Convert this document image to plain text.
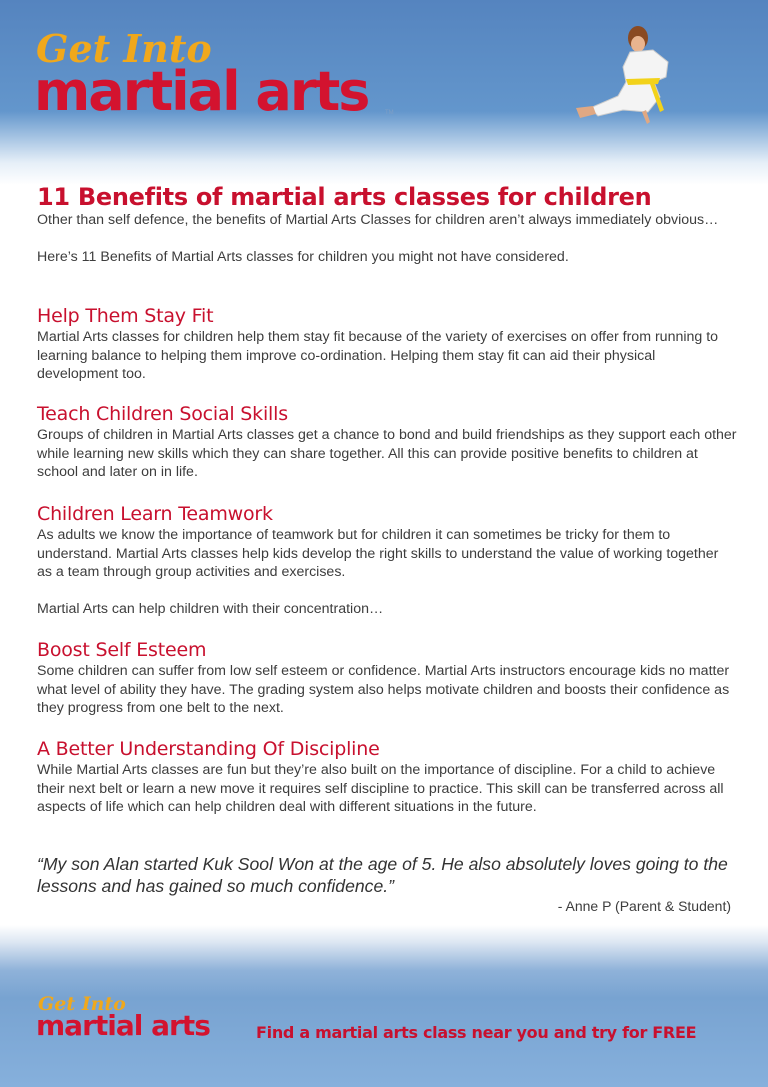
Get Into
martial arts	TM
11 Benefits of martial arts classes for children

Other than self defence, the benefits of Martial Arts Classes for children aren’t always immediately obvious…

Here’s 11 Benefits of Martial Arts classes for children you might not have considered.

Help Them Stay Fit

Martial Arts classes for children help them stay fit because of the variety of exercises on offer from running to learning balance to helping them improve co-ordination. Helping them stay fit can aid their physical development too.

Teach Children Social Skills

Groups of children in Martial Arts classes get a chance to bond and build friendships as they support each other while learning new skills which they can share together. All this can provide positive benefits to children at school and later on in life.

Children Learn Teamwork

As adults we know the importance of teamwork but for children it can sometimes be tricky for them to understand. Martial Arts classes help kids develop the right skills to understand the value of working together as a team through group activities and exercises.

Martial Arts can help children with their concentration…

Boost Self Esteem

Some children can suffer from low self esteem or confidence. Martial Arts instructors encourage kids no matter what level of ability they have. The grading system also helps motivate children and boosts their confidence as they progress from one belt to the next.

A Better Understanding Of Discipline

While Martial Arts classes are fun but they’re also built on the importance of discipline. For a child to achieve their next belt or learn a new move it requires self discipline to practice. This skill can be transferred across all aspects of life which can help children deal with different situations in the future.

“My son Alan started Kuk Sool Won at the age of 5. He also absolutely loves going to the lessons and has gained so much confidence.”

- Anne P (Parent & Student)
Get Into
martial arts	Find a martial arts class near you and try for FREE
